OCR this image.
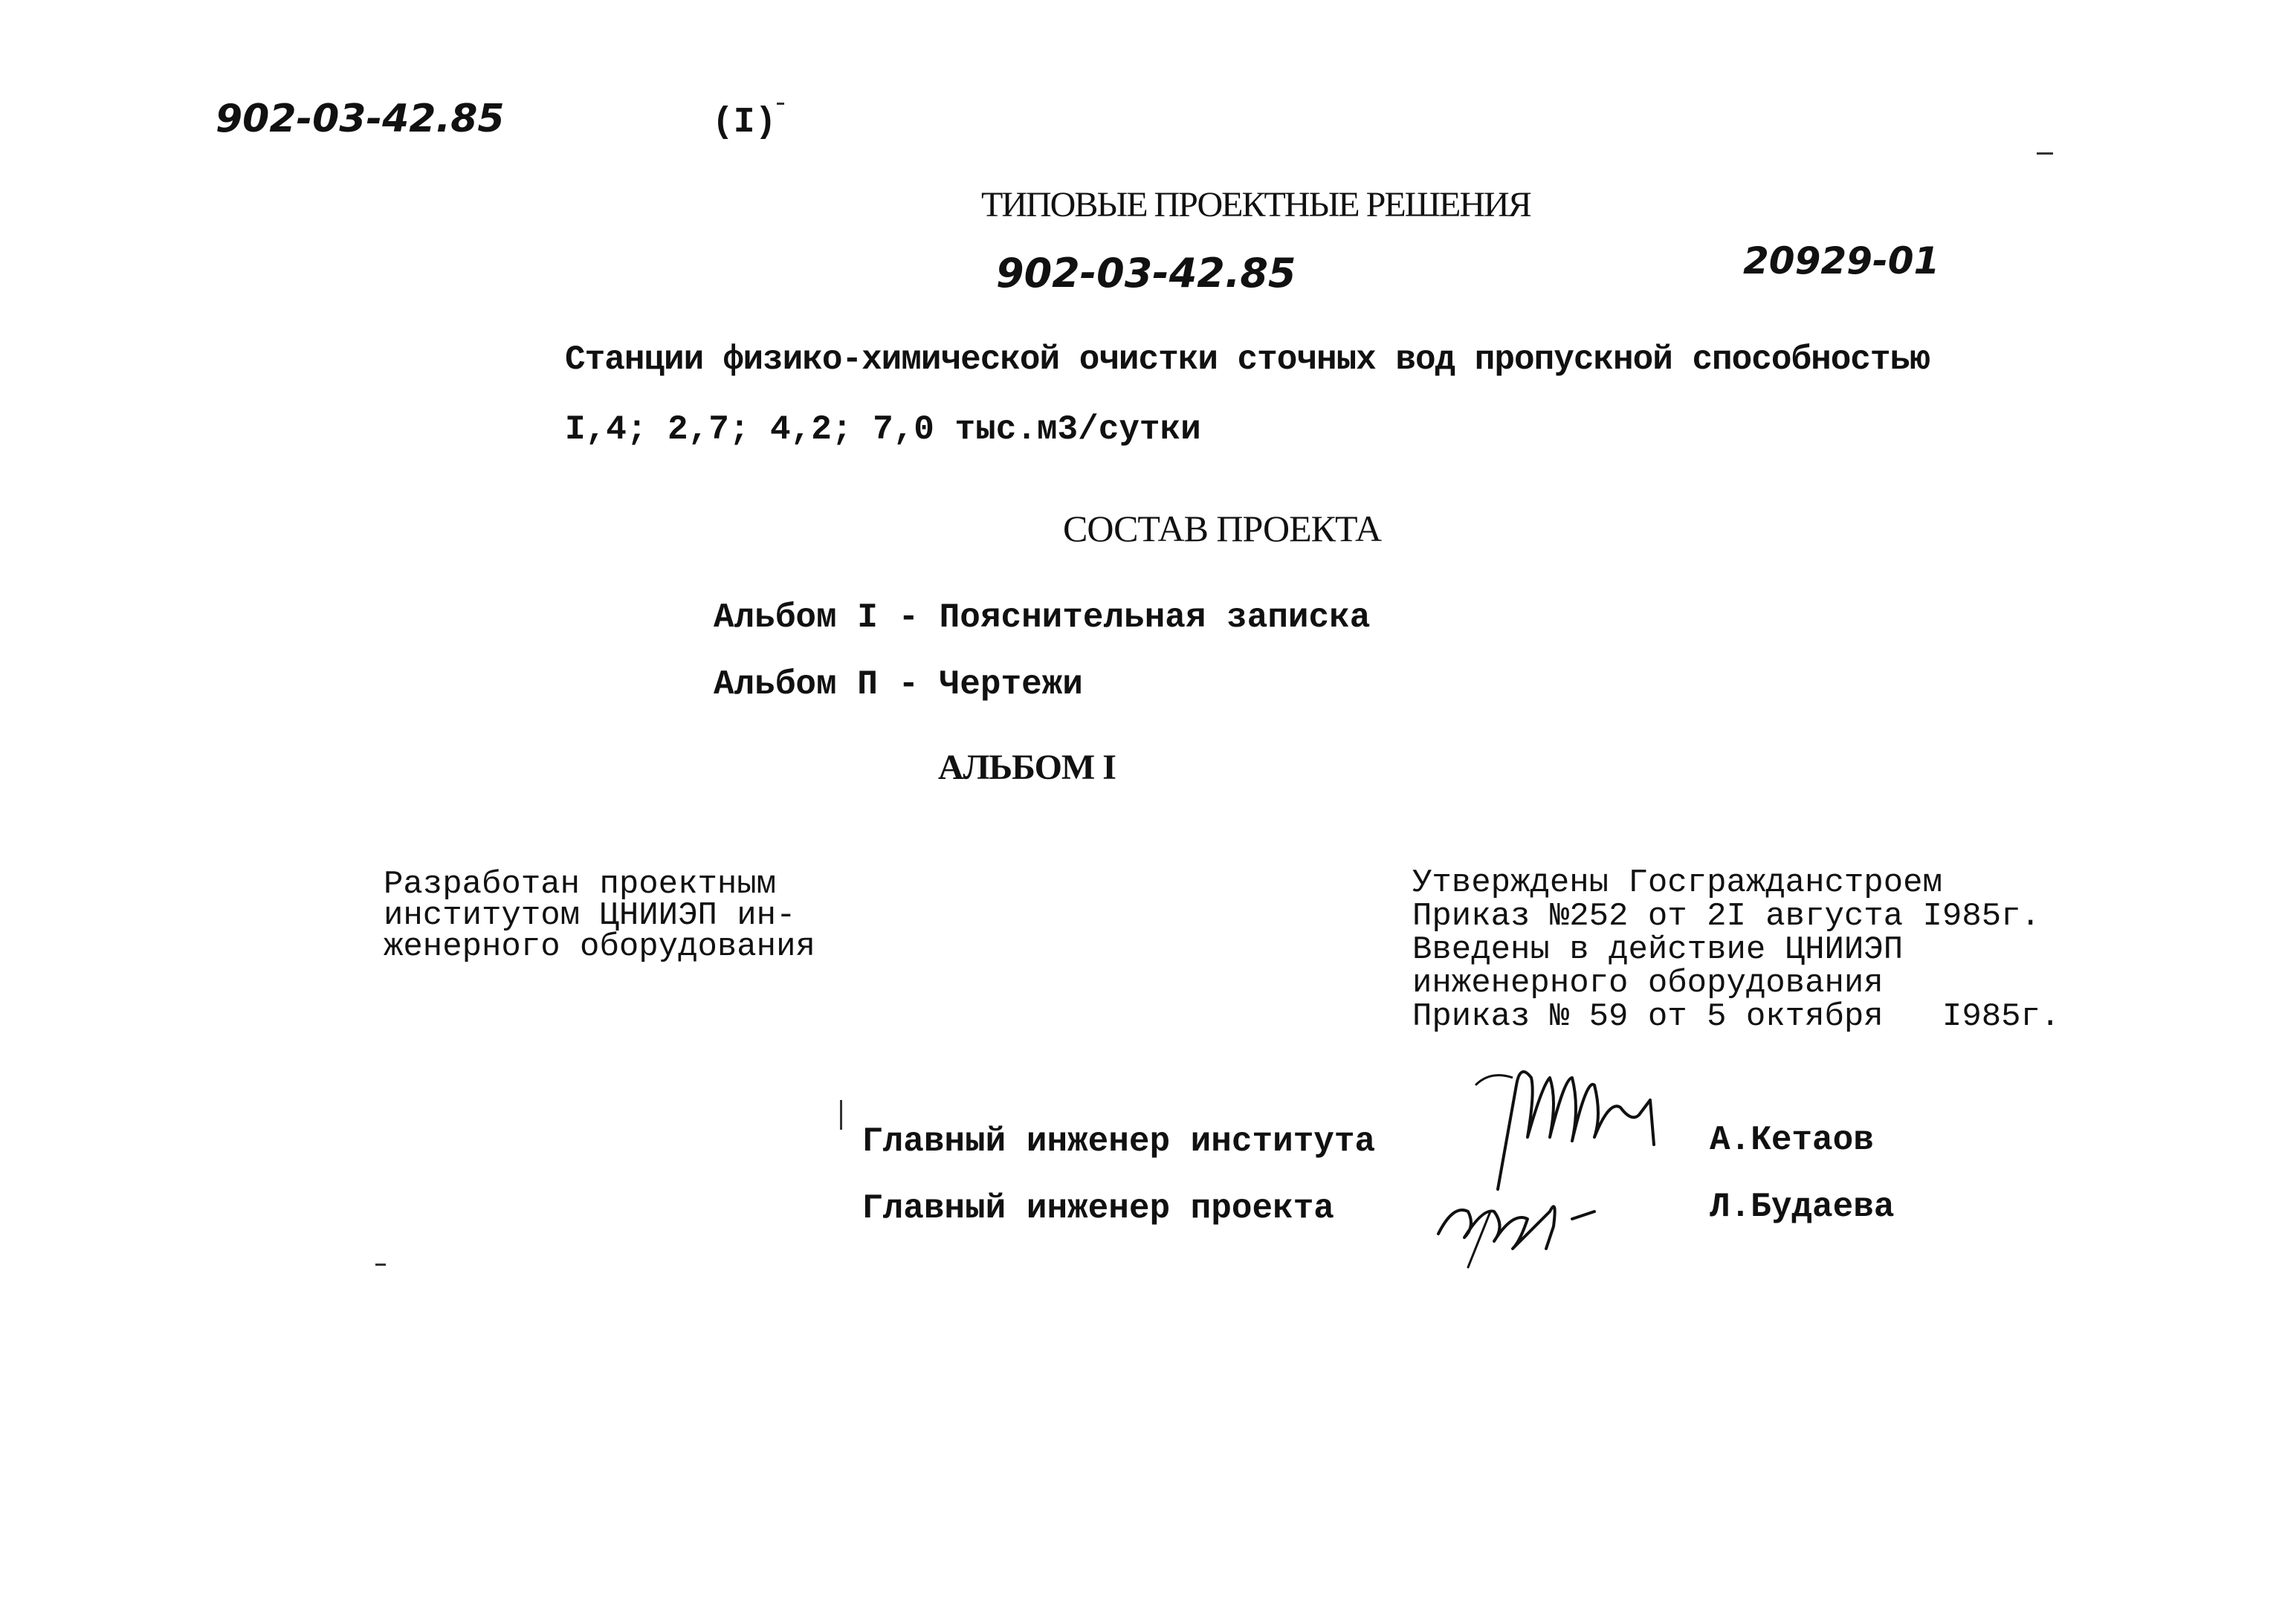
902-03-42.85	(I)
ТИПОВЫЕ ПРОЕКТНЫЕ РЕШЕНИЯ
902-03-42.85	20929-01
Станции физико-химической очистки сточных вод пропускной способностью
I,4; 2,7; 4,2; 7,0 тыс.м3/сутки
СОСТАВ ПРОЕКТА
Альбом I - Пояснительная записка
Альбом П - Чертежи
АЛЬБОМ I
Разработан проектным
институтом ЦНИИЭП ин-
женерного оборудования
Утверждены Госгражданстроем
Приказ №252 от 2I августа I985г.
Введены в действие ЦНИИЭП
инженерного оборудования
Приказ № 59 от 5 октября   I985г.
Главный инженер института
Главный инженер проекта
А.Кетаов
Л.Будаева
